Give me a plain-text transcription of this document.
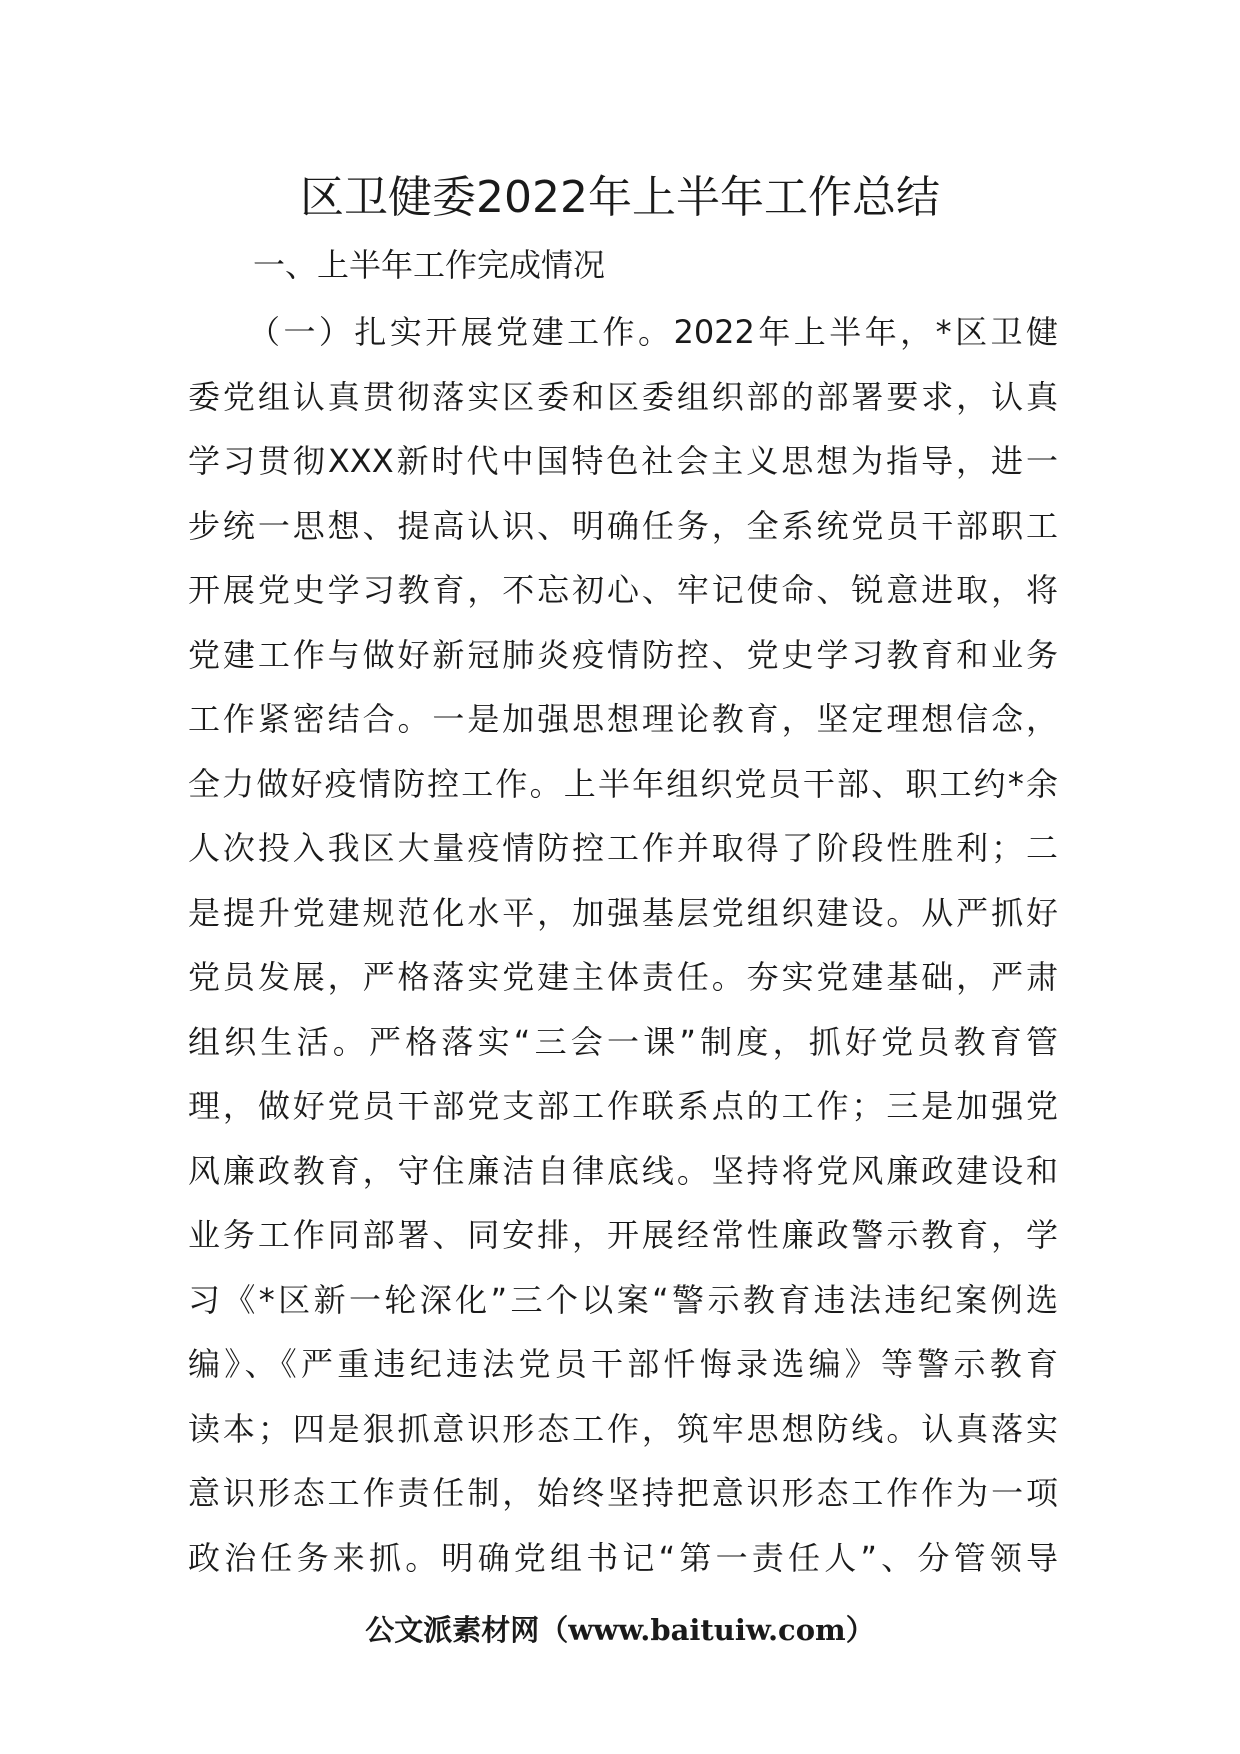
区卫健委2022年上半年工作总结
一、上半年工作完成情况
（一）扎实开展党建工作。2022年上半年，*区卫健
委党组认真贯彻落实区委和区委组织部的部署要求，认真
学习贯彻XXX新时代中国特色社会主义思想为指导，进一
步统一思想、提高认识、明确任务，全系统党员干部职工
开展党史学习教育，不忘初心、牢记使命、锐意进取，将
党建工作与做好新冠肺炎疫情防控、党史学习教育和业务
工作紧密结合。一是加强思想理论教育，坚定理想信念，
全力做好疫情防控工作。上半年组织党员干部、职工约*余
人次投入我区大量疫情防控工作并取得了阶段性胜利；二
是提升党建规范化水平，加强基层党组织建设。从严抓好
党员发展，严格落实党建主体责任。夯实党建基础，严肃
组织生活。严格落实“三会一课”制度，抓好党员教育管
理，做好党员干部党支部工作联系点的工作；三是加强党
风廉政教育，守住廉洁自律底线。坚持将党风廉政建设和
业务工作同部署、同安排，开展经常性廉政警示教育，学
习《*区新一轮深化”三个以案“警示教育违法违纪案例选
编》、《严重违纪违法党员干部忏悔录选编》等警示教育
读本；四是狠抓意识形态工作，筑牢思想防线。认真落实
意识形态工作责任制，始终坚持把意识形态工作作为一项
政治任务来抓。明确党组书记“第一责任人”、分管领导
公文派素材网（www.baituiw.com）
